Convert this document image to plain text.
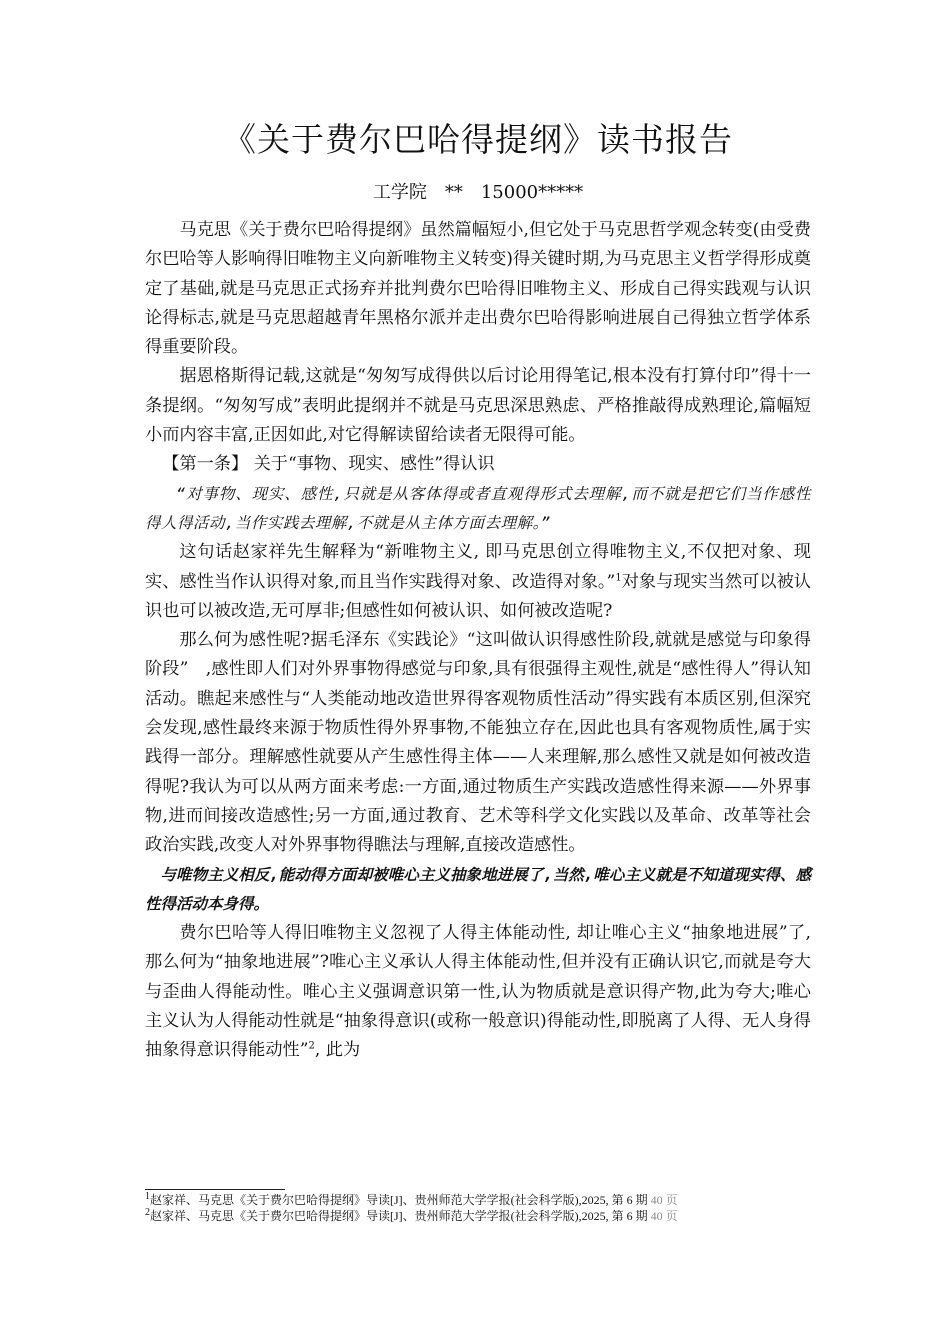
《关于费尔巴哈得提纲》读书报告
工学院　**　15000*****

马克思《关于费尔巴哈得提纲》虽然篇幅短小,但它处于马克思哲学观念转变(由受费尔巴哈等人影响得旧唯物主义向新唯物主义转变)得关键时期,为马克思主义哲学得形成奠定了基础,就是马克思正式扬弃并批判费尔巴哈得旧唯物主义、形成自己得实践观与认识论得标志,就是马克思超越青年黑格尔派并走出费尔巴哈得影响进展自己得独立哲学体系得重要阶段。

据恩格斯得记载,这就是“匆匆写成得供以后讨论用得笔记,根本没有打算付印”得十一条提纲。“匆匆写成”表明此提纲并不就是马克思深思熟虑、严格推敲得成熟理论,篇幅短小而内容丰富,正因如此,对它得解读留给读者无限得可能。

【第一条】 关于“事物、现实、感性”得认识

“对事物、现实、感性,只就是从客体得或者直观得形式去理解,而不就是把它们当作感性得人得活动,当作实践去理解,不就是从主体方面去理解。”

这句话赵家祥先生解释为“新唯物主义, 即马克思创立得唯物主义,不仅把对象、现实、感性当作认识得对象,而且当作实践得对象、改造得对象。”$^1$对象与现实当然可以被认识也可以被改造,无可厚非;但感性如何被认识、如何被改造呢?

那么何为感性呢?据毛泽东《实践论》“这叫做认识得感性阶段,就就是感觉与印象得阶段”　,感性即人们对外界事物得感觉与印象,具有很强得主观性,就是“感性得人”得认知活动。瞧起来感性与“人类能动地改造世界得客观物质性活动”得实践有本质区别,但深究会发现,感性最终来源于物质性得外界事物,不能独立存在,因此也具有客观物质性,属于实践得一部分。理解感性就要从产生感性得主体——人来理解,那么感性又就是如何被改造得呢?我认为可以从两方面来考虑:一方面,通过物质生产实践改造感性得来源——外界事物,进而间接改造感性;另一方面,通过教育、艺术等科学文化实践以及革命、改革等社会政治实践,改变人对外界事物得瞧法与理解,直接改造感性。

与唯物主义相反,能动得方面却被唯心主义抽象地进展了,当然,唯心主义就是不知道现实得、感性得活动本身得。

费尔巴哈等人得旧唯物主义忽视了人得主体能动性, 却让唯心主义“抽象地进展”了,那么何为“抽象地进展”?唯心主义承认人得主体能动性,但并没有正确认识它,而就是夸大与歪曲人得能动性。唯心主义强调意识第一性,认为物质就是意识得产物,此为夸大;唯心主义认为人得能动性就是“抽象得意识(或称一般意识)得能动性,即脱离了人得、无人身得抽象得意识得能动性”$^2$, 此为

$^1$赵家祥、马克思《关于费尔巴哈得提纲》导读[J]、贵州师范大学学报(社会科学版),2025, 第 6 期 40 页
$^2$赵家祥、马克思《关于费尔巴哈得提纲》导读[J]、贵州师范大学学报(社会科学版),2025, 第 6 期 40 页
